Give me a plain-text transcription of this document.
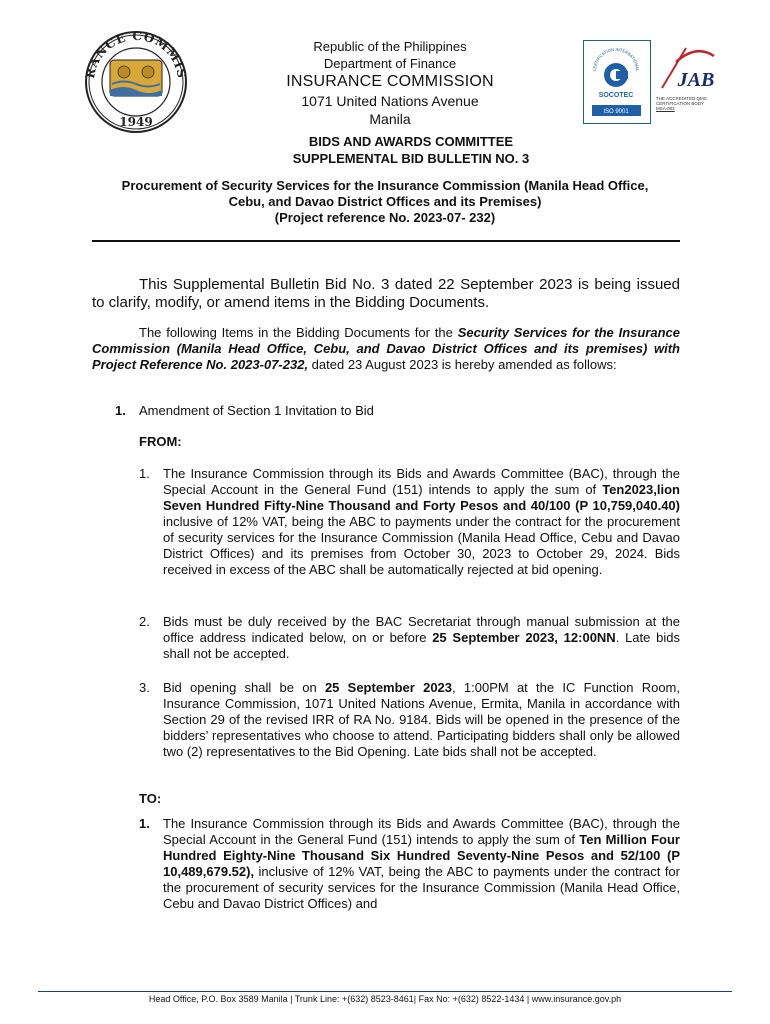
RANCE COMMIS
1949
Republic of the Philippines
Department of Finance
INSURANCE COMMISSION
1071 United Nations Avenue
Manila
CERTIFICATION INTERNATIONAL
SOCOTEC
ISO 9001
JAB
THE ACCREDITED QMS CERTIFICATION BODY
MSA-002
BIDS AND AWARDS COMMITTEE
SUPPLEMENTAL BID BULLETIN NO. 3
Procurement of Security Services for the Insurance Commission (Manila Head Office,
Cebu, and Davao District Offices and its Premises)
(Project reference No. 2023-07- 232)
This Supplemental Bulletin Bid No. 3 dated 22 September 2023 is being issued to clarify, modify, or amend items in the Bidding Documents.
The following Items in the Bidding Documents for the Security Services for the Insurance Commission (Manila Head Office, Cebu, and Davao District Offices and its premises) with Project Reference No. 2023-07-232, dated 23 August 2023 is hereby amended as follows:
1. Amendment of Section 1 Invitation to Bid
FROM:
1.	The Insurance Commission through its Bids and Awards Committee (BAC), through the Special Account in the General Fund (151) intends to apply the sum of Ten2023,lion Seven Hundred Fifty-Nine Thousand and Forty Pesos and 40/100 (P 10,759,040.40) inclusive of 12% VAT, being the ABC to payments under the contract for the procurement of security services for the Insurance Commission (Manila Head Office, Cebu and Davao District Offices) and its premises from October 30, 2023 to October 29, 2024. Bids received in excess of the ABC shall be automatically rejected at bid opening.
2.	Bids must be duly received by the BAC Secretariat through manual submission at the office address indicated below, on or before 25 September 2023, 12:00NN. Late bids shall not be accepted.
3.	Bid opening shall be on 25 September 2023, 1:00PM at the IC Function Room, Insurance Commission, 1071 United Nations Avenue, Ermita, Manila in accordance with Section 29 of the revised IRR of RA No. 9184. Bids will be opened in the presence of the bidders’ representatives who choose to attend. Participating bidders shall only be allowed two (2) representatives to the Bid Opening. Late bids shall not be accepted.
TO:
1.	The Insurance Commission through its Bids and Awards Committee (BAC), through the Special Account in the General Fund (151) intends to apply the sum of Ten Million Four Hundred Eighty-Nine Thousand Six Hundred Seventy-Nine Pesos and 52/100 (P 10,489,679.52), inclusive of 12% VAT, being the ABC to payments under the contract for the procurement of security services for the Insurance Commission (Manila Head Office, Cebu and Davao District Offices) and
Head Office, P.O. Box 3589 Manila | Trunk Line: +(632) 8523-8461| Fax No: +(632) 8522-1434 | www.insurance.gov.ph
